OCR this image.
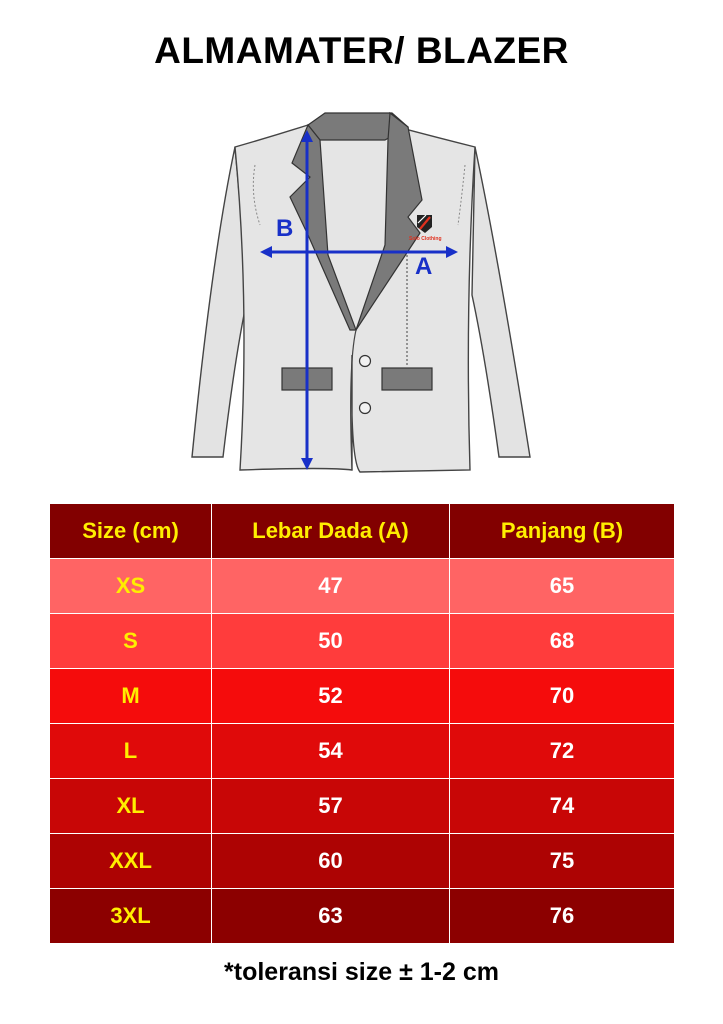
ALMAMATER/ BLAZER
B
A
Solo Clothing
Size (cm)	Lebar Dada (A)	Panjang (B)
XS	47	65
S	50	68
M	52	70
L	54	72
XL	57	74
XXL	60	75
3XL	63	76
*toleransi size ± 1-2 cm
